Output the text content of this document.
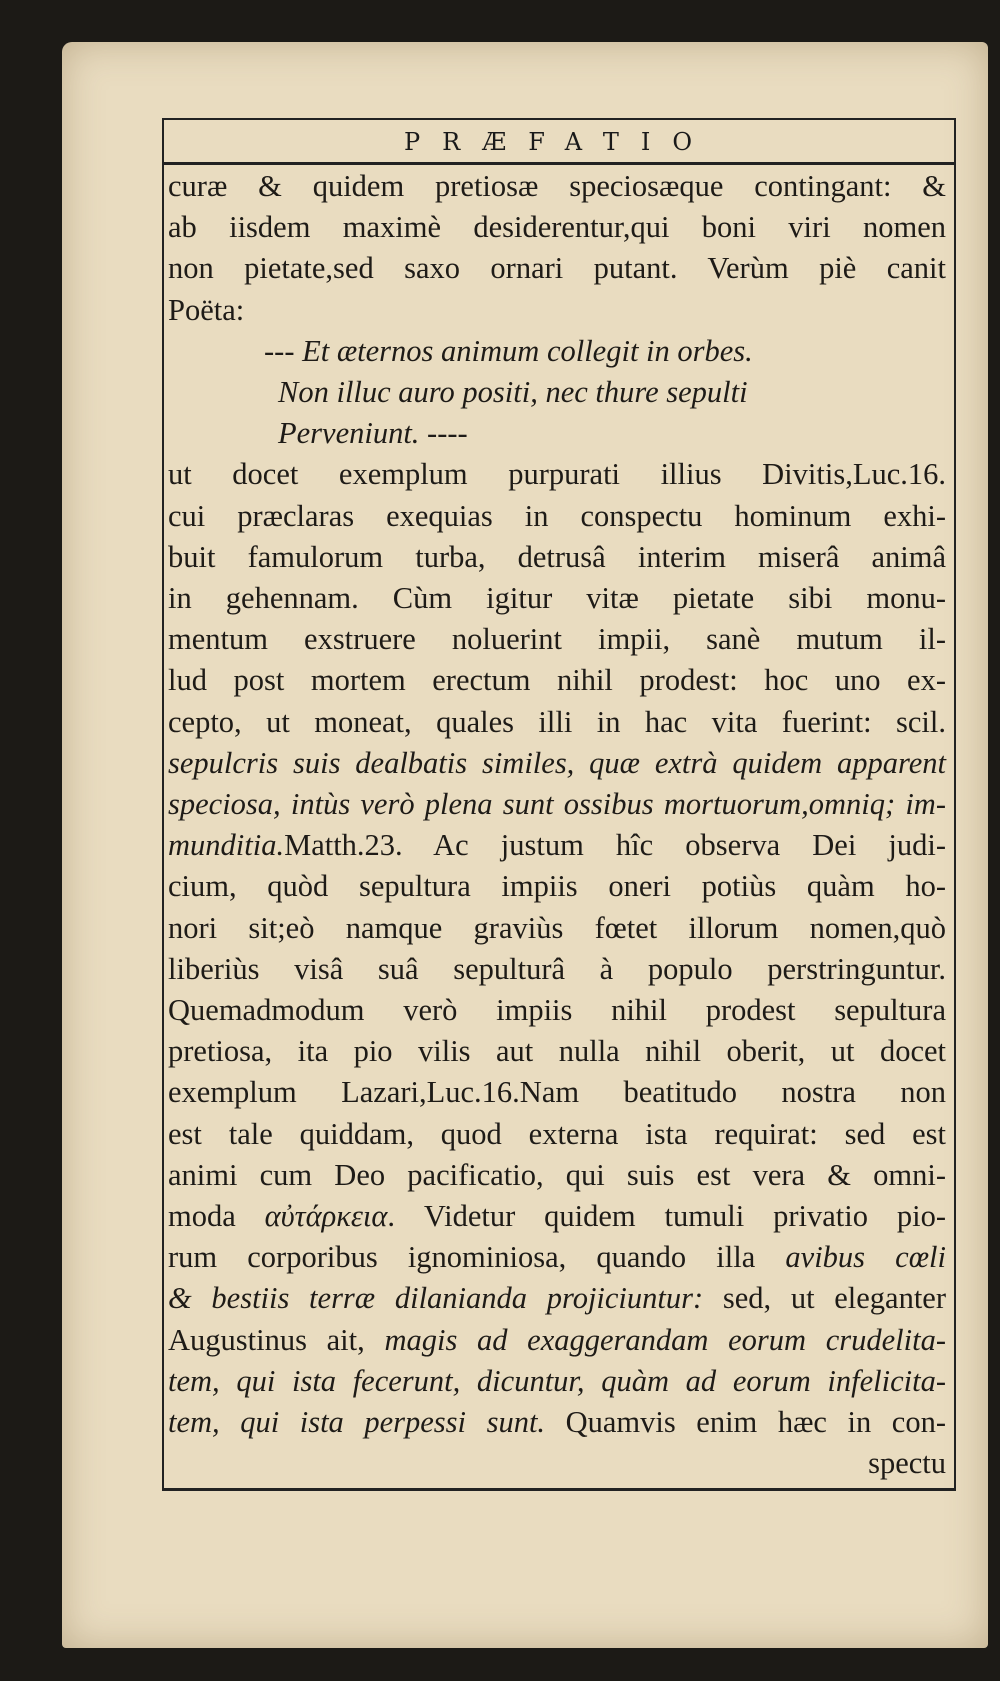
PRÆFATIO

curæ & quidem pretiosæ speciosæque contingant: &

ab iisdem maximè desiderentur,qui boni viri nomen

non pietate,sed saxo ornari putant. Verùm piè canit

Poëta:

--- Et æternos animum collegit in orbes.

Non illuc auro positi, nec thure sepulti

Perveniunt. ----

ut docet exemplum purpurati illius Divitis,Luc.16.

cui præclaras exequias in conspectu hominum exhi-

buit famulorum turba, detrusâ interim miserâ animâ

in gehennam. Cùm igitur vitæ pietate sibi monu-

mentum exstruere noluerint impii, sanè mutum il-

lud post mortem erectum nihil prodest: hoc uno ex-

cepto, ut moneat, quales illi in hac vita fuerint: scil.

sepulcris suis dealbatis similes, quæ extrà quidem apparent

speciosa, intùs verò plena sunt ossibus mortuorum,omniq; im-

munditia.Matth.23. Ac justum hîc observa Dei judi-

cium, quòd sepultura impiis oneri potiùs quàm ho-

nori sit;eò namque graviùs fœtet illorum nomen,quò

liberiùs visâ suâ sepulturâ à populo perstringuntur.

Quemadmodum verò impiis nihil prodest sepultura

pretiosa, ita pio vilis aut nulla nihil oberit, ut docet

exemplum Lazari,Luc.16.Nam beatitudo nostra non

est tale quiddam, quod externa ista requirat: sed est

animi cum Deo pacificatio, qui suis est vera & omni-

moda αὐτάρκεια. Videtur quidem tumuli privatio pio-

rum corporibus ignominiosa, quando illa avibus cœli

& bestiis terræ dilanianda projiciuntur: sed, ut eleganter

Augustinus ait, magis ad exaggerandam eorum crudelita-

tem, qui ista fecerunt, dicuntur, quàm ad eorum infelicita-

tem, qui ista perpessi sunt. Quamvis enim hæc in con-

spectu
